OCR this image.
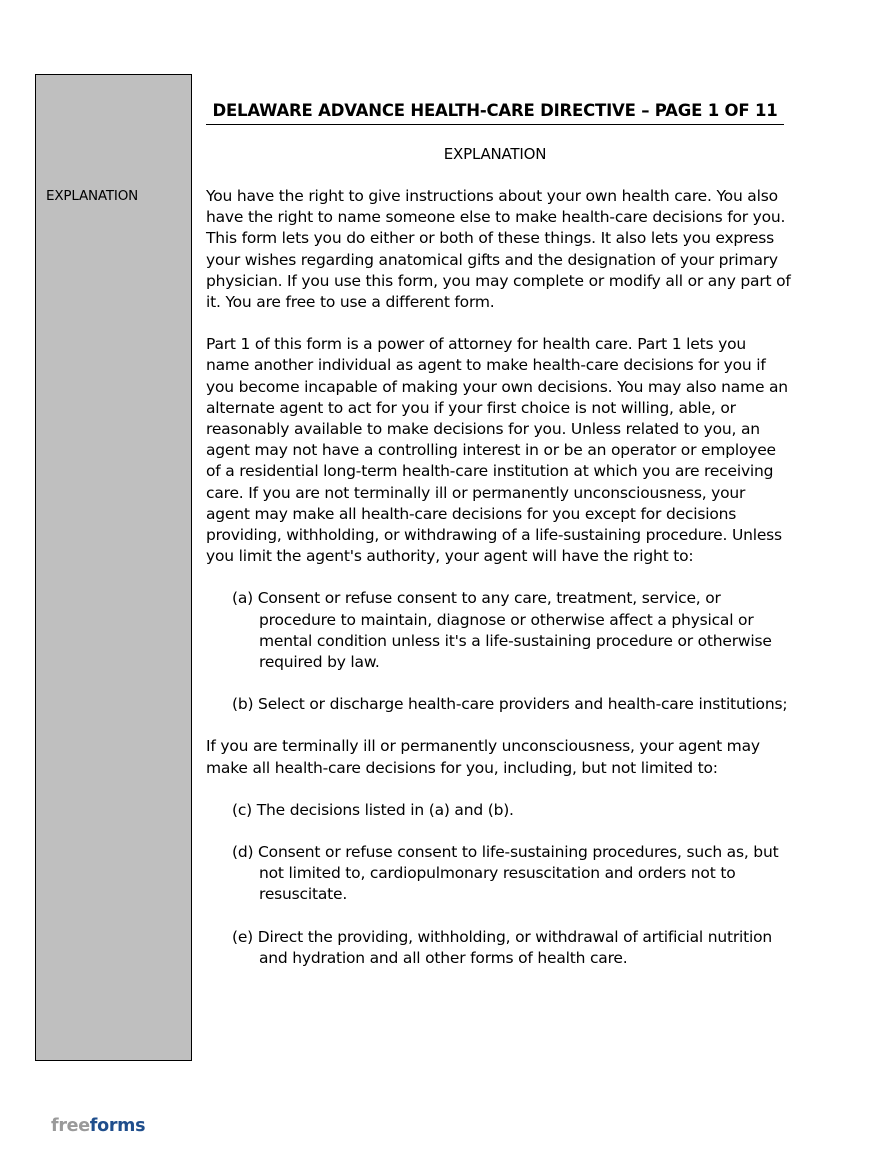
EXPLANATION
DELAWARE ADVANCE HEALTH-CARE DIRECTIVE – PAGE 1 OF 11
EXPLANATION

You have the right to give instructions about your own health care. You also have the right to name someone else to make health-care decisions for you. This form lets you do either or both of these things. It also lets you express your wishes regarding anatomical gifts and the designation of your primary physician. If you use this form, you may complete or modify all or any part of it. You are free to use a different form.

Part 1 of this form is a power of attorney for health care. Part 1 lets you name another individual as agent to make health-care decisions for you if you become incapable of making your own decisions. You may also name an alternate agent to act for you if your first choice is not willing, able, or reasonably available to make decisions for you. Unless related to you, an agent may not have a controlling interest in or be an operator or employee of a residential long-term health-care institution at which you are receiving care. If you are not terminally ill or permanently unconsciousness, your agent may make all health-care decisions for you except for decisions providing, withholding, or withdrawing of a life-sustaining procedure. Unless you limit the agent's authority, your agent will have the right to:

(a) Consent or refuse consent to any care, treatment, service, or procedure to maintain, diagnose or otherwise affect a physical or mental condition unless it's a life-sustaining procedure or otherwise required by law.
(b) Select or discharge health-care providers and health-care institutions;

If you are terminally ill or permanently unconsciousness, your agent may make all health-care decisions for you, including, but not limited to:

(c) The decisions listed in (a) and (b).
(d) Consent or refuse consent to life-sustaining procedures, such as, but not limited to, cardiopulmonary resuscitation and orders not to resuscitate.
(e) Direct the providing, withholding, or withdrawal of artificial nutrition and hydration and all other forms of health care.
freeforms
